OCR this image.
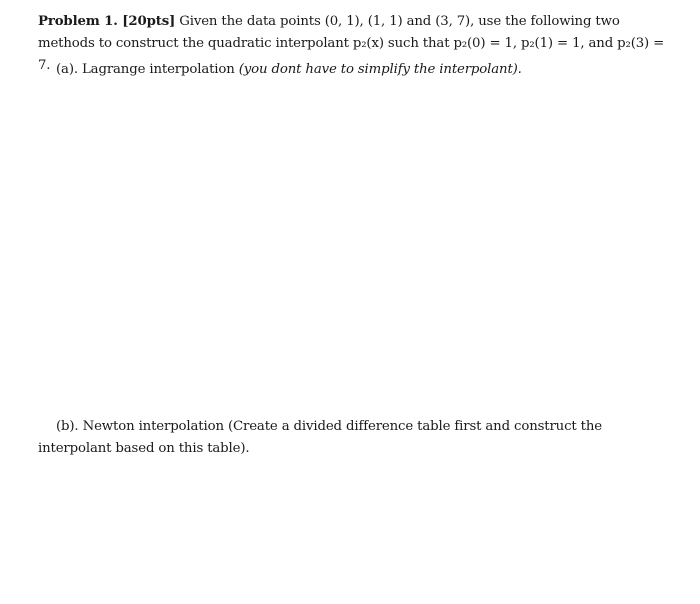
Problem 1. [20pts] Given the data points (0, 1), (1, 1) and (3, 7), use the following two methods to construct the quadratic interpolant p₂(x) such that p₂(0) = 1, p₂(1) = 1, and p₂(3) = 7. (a). Lagrange interpolation (you dont have to simplify the interpolant).

(b). Newton interpolation (Create a divided difference table first and construct the interpolant based on this table).
